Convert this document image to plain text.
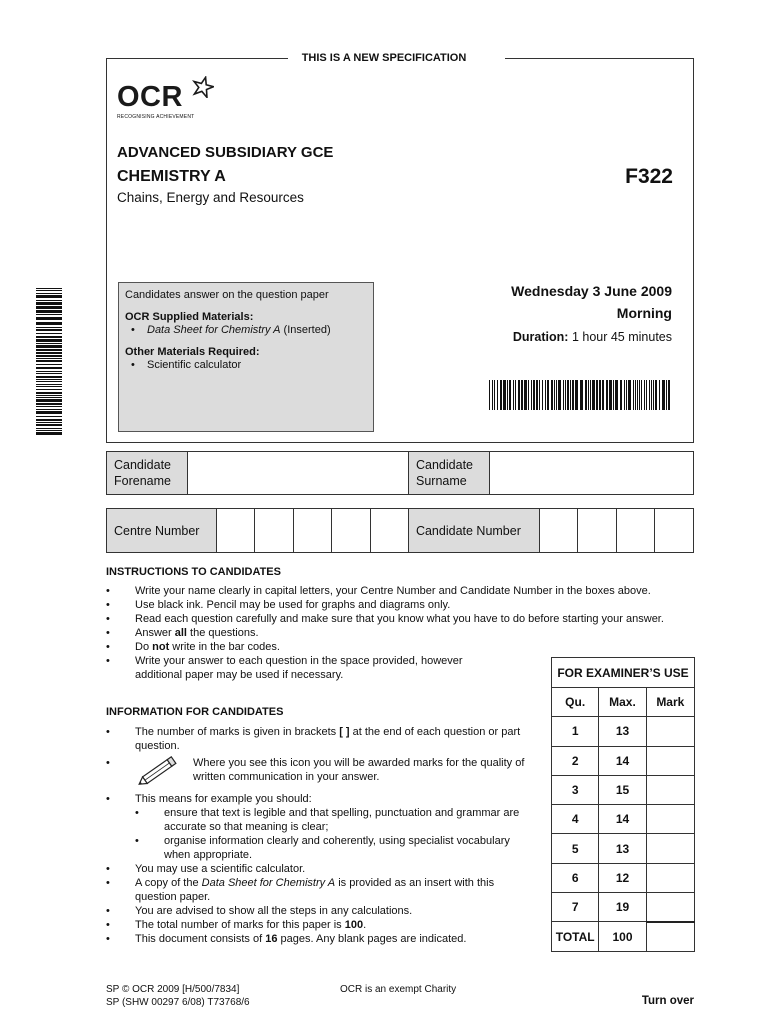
THIS IS A NEW SPECIFICATION
OCR
RECOGNISING ACHIEVEMENT
ADVANCED SUBSIDIARY GCE
CHEMISTRY A
Chains, Energy and Resources
F322
Candidates answer on the question paper
OCR Supplied Materials:
• Data Sheet for Chemistry A (Inserted)
Other Materials Required:
• Scientific calculator
Wednesday 3 June 2009
Morning
Duration: 1 hour 45 minutes
Candidate
Forename
Candidate
Surname
Centre Number	Candidate Number
INSTRUCTIONS TO CANDIDATES
• Write your name clearly in capital letters, your Centre Number and Candidate Number in the boxes above.
• Use black ink. Pencil may be used for graphs and diagrams only.
• Read each question carefully and make sure that you know what you have to do before starting your answer.
• Answer all the questions.
• Do not write in the bar codes.
• Write your answer to each question in the space provided, however additional paper may be used if necessary.
INFORMATION FOR CANDIDATES
• The number of marks is given in brackets [ ] at the end of each question or part question.
• Where you see this icon you will be awarded marks for the quality of written communication in your answer.
• This means for example you should:
• ensure that text is legible and that spelling, punctuation and grammar are accurate so that meaning is clear;
• organise information clearly and coherently, using specialist vocabulary when appropriate.
• You may use a scientific calculator.
• A copy of the Data Sheet for Chemistry A is provided as an insert with this question paper.
• You are advised to show all the steps in any calculations.
• The total number of marks for this paper is 100.
• This document consists of 16 pages. Any blank pages are indicated.
FOR EXAMINER’S USE		
Qu.	Max.	Mark
1	13	
2	14	
3	15	
4	14	
5	13	
6	12	
7	19	
TOTAL	100	
SP © OCR 2009 [H/500/7834]
SP (SHW 00297 6/08) T73768/6
OCR is an exempt Charity
Turn over
